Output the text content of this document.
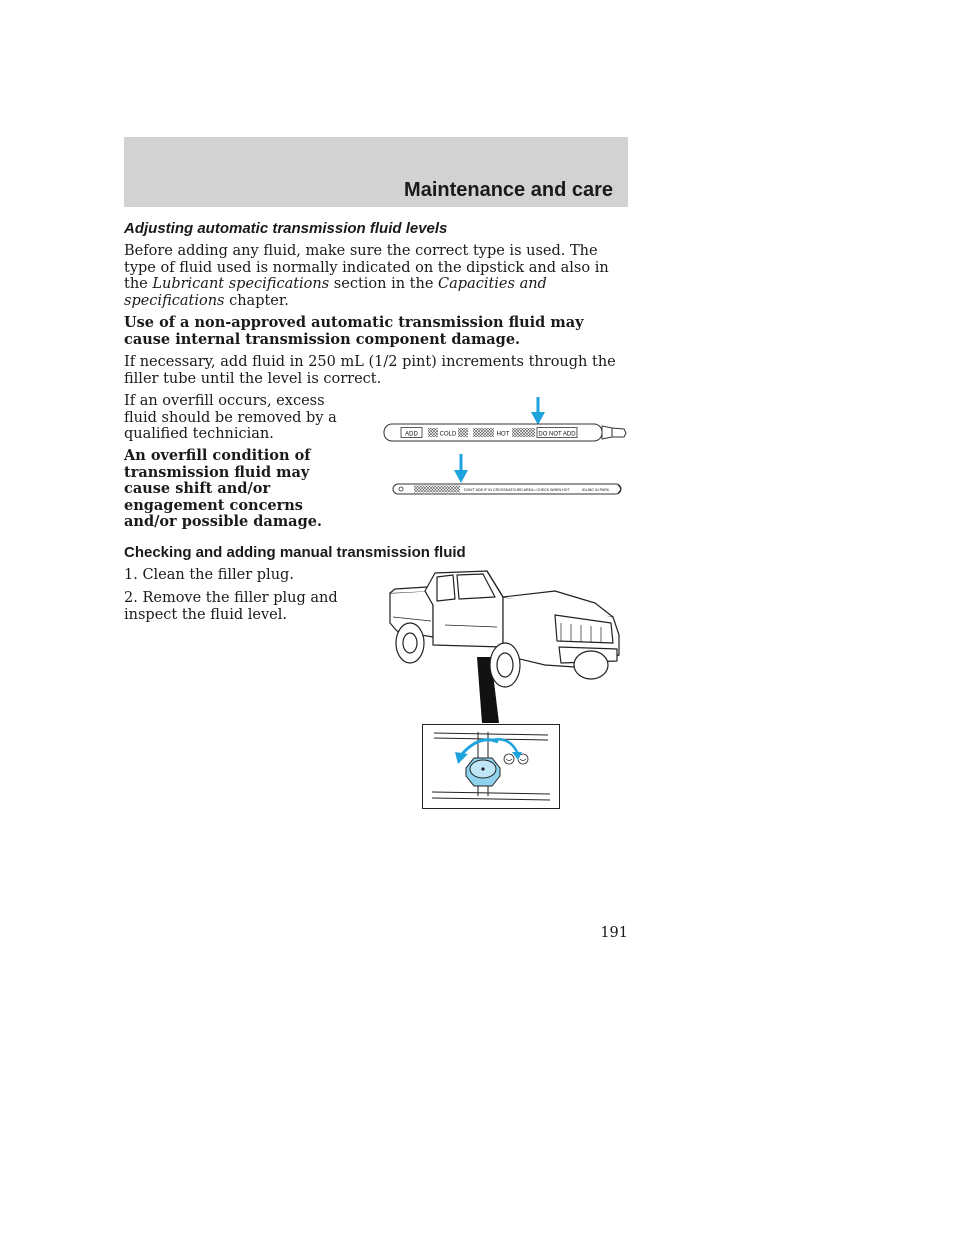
Maintenance and care
Adjusting automatic transmission fluid levels

Before adding any fluid, make sure the correct type is used. The type of fluid used is normally indicated on the dipstick and also in the Lubricant specifications section in the Capacities and specifications chapter.

Use of a non-approved automatic transmission fluid may cause internal transmission component damage.

If necessary, add fluid in 250 mL (1/2 pint) increments through the filler tube until the level is correct.

If an overfill occurs, excess fluid should be removed by a qualified technician.

An overfill condition of transmission fluid may cause shift and/or engagement concerns and/or possible damage.

ADD	COLD	HOT	DO NOT ADD
DON'T ADD IF IN CROSSHATCHED AREA • CHECK WHEN HOT	IDLING IN PARK
Checking and adding manual transmission fluid

1. Clean the filler plug.

2. Remove the filler plug and inspect the fluid level.

191
